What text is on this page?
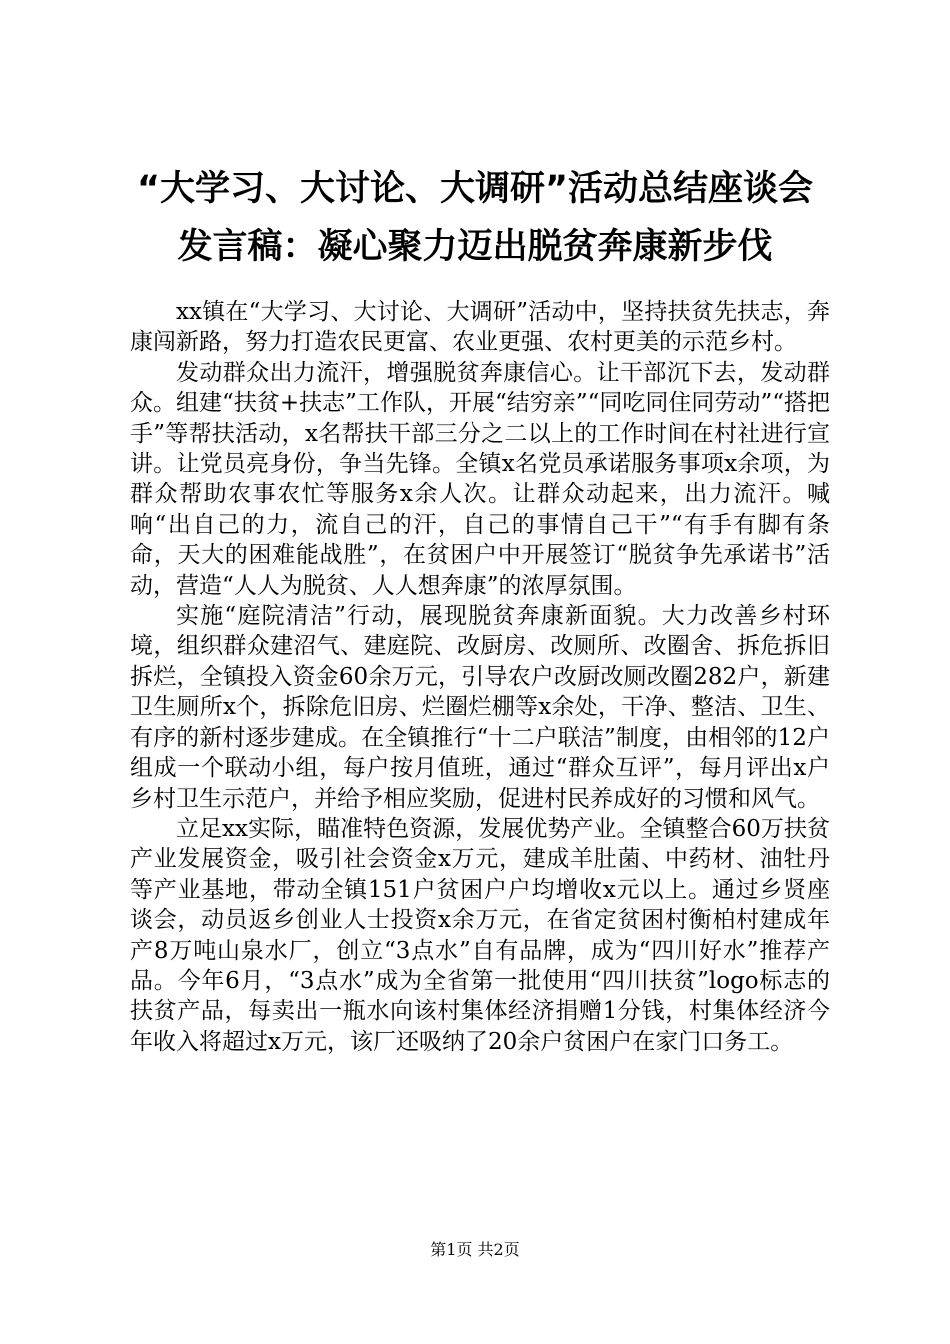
“大学习、大讨论、大调研”活动总结座谈会
发言稿：凝心聚力迈出脱贫奔康新步伐

xx镇在“大学习、大讨论、大调研”活动中，坚持扶贫先扶志，奔康闯新路，努力打造农民更富、农业更强、农村更美的示范乡村。

发动群众出力流汗，增强脱贫奔康信心。让干部沉下去，发动群众。组建“扶贫+扶志”工作队，开展“结穷亲”“同吃同住同劳动”“搭把手”等帮扶活动，x名帮扶干部三分之二以上的工作时间在村社进行宣讲。让党员亮身份，争当先锋。全镇x名党员承诺服务事项x余项，为群众帮助农事农忙等服务x余人次。让群众动起来，出力流汗。喊响“出自己的力，流自己的汗，自己的事情自己干”“有手有脚有条命，天大的困难能战胜”，在贫困户中开展签订“脱贫争先承诺书”活动，营造“人人为脱贫、人人想奔康”的浓厚氛围。

实施“庭院清洁”行动，展现脱贫奔康新面貌。大力改善乡村环境，组织群众建沼气、建庭院、改厨房、改厕所、改圈舍、拆危拆旧拆烂，全镇投入资金60余万元，引导农户改厨改厕改圈282户，新建卫生厕所x个，拆除危旧房、烂圈烂棚等x余处，干净、整洁、卫生、有序的新村逐步建成。在全镇推行“十二户联洁”制度，由相邻的12户组成一个联动小组，每户按月值班，通过“群众互评”，每月评出x户乡村卫生示范户，并给予相应奖励，促进村民养成好的习惯和风气。

立足xx实际，瞄准特色资源，发展优势产业。全镇整合60万扶贫产业发展资金，吸引社会资金x万元，建成羊肚菌、中药材、油牡丹等产业基地，带动全镇151户贫困户户均增收x元以上。通过乡贤座谈会，动员返乡创业人士投资x余万元，在省定贫困村衡柏村建成年产8万吨山泉水厂，创立“3点水”自有品牌，成为“四川好水”推荐产品。今年6月，“3点水”成为全省第一批使用“四川扶贫”logo标志的扶贫产品，每卖出一瓶水向该村集体经济捐赠1分钱，村集体经济今年收入将超过x万元，该厂还吸纳了20余户贫困户在家门口务工。

第1页 共2页
